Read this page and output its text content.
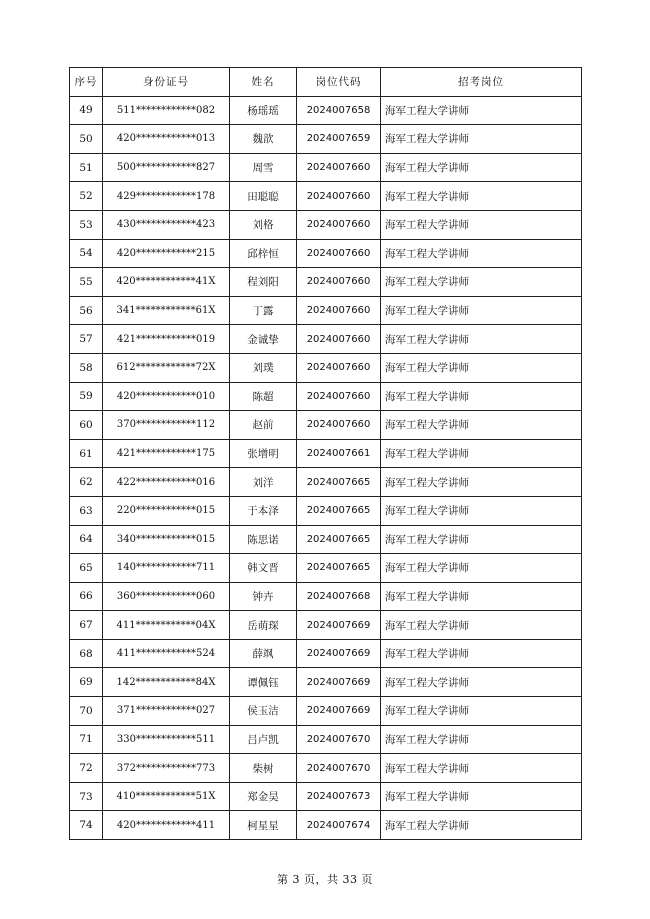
序号	身份证号	姓名	岗位代码	招考岗位
49	511************082	杨瑶瑶	2024007658	海军工程大学讲师
50	420************013	魏歆	2024007659	海军工程大学讲师
51	500************827	周雪	2024007660	海军工程大学讲师
52	429************178	田聪聪	2024007660	海军工程大学讲师
53	430************423	刘格	2024007660	海军工程大学讲师
54	420************215	邱梓恒	2024007660	海军工程大学讲师
55	420************41X	程刘阳	2024007660	海军工程大学讲师
56	341************61X	丁露	2024007660	海军工程大学讲师
57	421************019	金诚挚	2024007660	海军工程大学讲师
58	612************72X	刘璞	2024007660	海军工程大学讲师
59	420************010	陈超	2024007660	海军工程大学讲师
60	370************112	赵前	2024007660	海军工程大学讲师
61	421************175	张增明	2024007661	海军工程大学讲师
62	422************016	刘洋	2024007665	海军工程大学讲师
63	220************015	于本泽	2024007665	海军工程大学讲师
64	340************015	陈思诺	2024007665	海军工程大学讲师
65	140************711	韩文晋	2024007665	海军工程大学讲师
66	360************060	钟卉	2024007668	海军工程大学讲师
67	411************04X	岳萌琛	2024007669	海军工程大学讲师
68	411************524	薛飒	2024007669	海军工程大学讲师
69	142************84X	谭佩钰	2024007669	海军工程大学讲师
70	371************027	侯玉洁	2024007669	海军工程大学讲师
71	330************511	吕卢凯	2024007670	海军工程大学讲师
72	372************773	柴树	2024007670	海军工程大学讲师
73	410************51X	郑金昊	2024007673	海军工程大学讲师
74	420************411	柯星星	2024007674	海军工程大学讲师
第 3 页，共 33 页
